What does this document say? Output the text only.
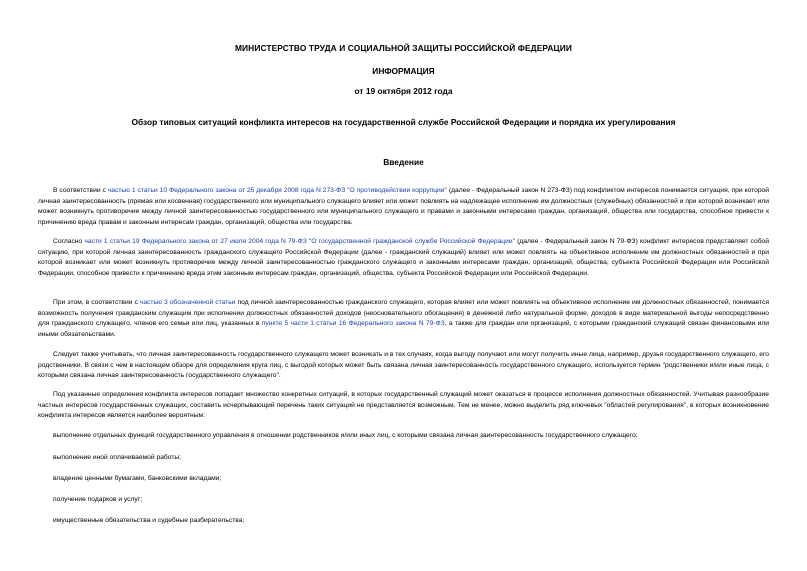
МИНИСТЕРСТВО ТРУДА И СОЦИАЛЬНОЙ ЗАЩИТЫ РОССИЙСКОЙ ФЕДЕРАЦИИ
ИНФОРМАЦИЯ
от 19 октября 2012 года
Обзор типовых ситуаций конфликта интересов на государственной службе Российской Федерации и порядка их урегулирования
Введение

В соответствии с частью 1 статьи 10 Федерального закона от 25 декабря 2008 года N 273-ФЗ "О противодействии коррупции" (далее - Федеральный закон N 273-ФЗ) под конфликтом интересов понимается ситуация, при которой личная заинтересованность (прямая или косвенная) государственного или муниципального служащего влияет или может повлиять на надлежащее исполнение им должностных (служебных) обязанностей и при которой возникает или может возникнуть противоречие между личной заинтересованностью государственного или муниципального служащего и правами и законными интересами граждан, организаций, общества или государства, способное привести к причинению вреда правам и законным интересам граждан, организаций, общества или государства.

Согласно части 1 статьи 19 Федерального закона от 27 июля 2004 года N 79-ФЗ "О государственной гражданской службе Российской Федерации" (далее - Федеральный закон N 79-ФЗ) конфликт интересов представляет собой ситуацию, при которой личная заинтересованность гражданского служащего Российской Федерации (далее - гражданский служащий) влияет или может повлиять на объективное исполнение им должностных обязанностей и при которой возникает или может возникнуть противоречие между личной заинтересованностью гражданского служащего и законными интересами граждан, организаций, общества, субъекта Российской Федерации или Российской Федерации, способное привести к причинению вреда этим законным интересам граждан, организаций, общества, субъекта Российской Федерации или Российской Федерации.

При этом, в соответствии с частью 3 обозначенной статьи под личной заинтересованностью гражданского служащего, которая влияет или может повлиять на объективное исполнение им должностных обязанностей, понимается возможность получения гражданским служащим при исполнении должностных обязанностей доходов (неосновательного обогащения) в денежной либо натуральной форме, доходов в виде материальной выгоды непосредственно для гражданского служащего, членов его семьи или лиц, указанных в пункте 5 части 1 статьи 16 Федерального закона N 79-ФЗ, а также для граждан или организаций, с которыми гражданский служащий связан финансовыми или иными обязательствами.

Следует также учитывать, что личная заинтересованность государственного служащего может возникать и в тех случаях, когда выгоду получают или могут получить иные лица, например, друзья государственного служащего, его родственники. В связи с чем в настоящем обзоре для определения круга лиц, с выгодой которых может быть связана личная заинтересованность государственного служащего, используется термин "родственники и/или иные лица, с которыми связана личная заинтересованность государственного служащего".

Под указанные определения конфликта интересов попадает множество конкретных ситуаций, в которых государственный служащий может оказаться в процессе исполнения должностных обязанностей. Учитывая разнообразие частных интересов государственных служащих, составить исчерпывающий перечень таких ситуаций не представляется возможным. Тем не менее, можно выделить ряд ключевых "областей регулирования", в которых возникновение конфликта интересов является наиболее вероятным:

выполнение отдельных функций государственного управления в отношении родственников и/или иных лиц, с которыми связана личная заинтересованность государственного служащего;

выполнение иной оплачиваемой работы;

владение ценными бумагами, банковскими вкладами;

получение подарков и услуг;

имущественные обязательства и судебные разбирательства;
